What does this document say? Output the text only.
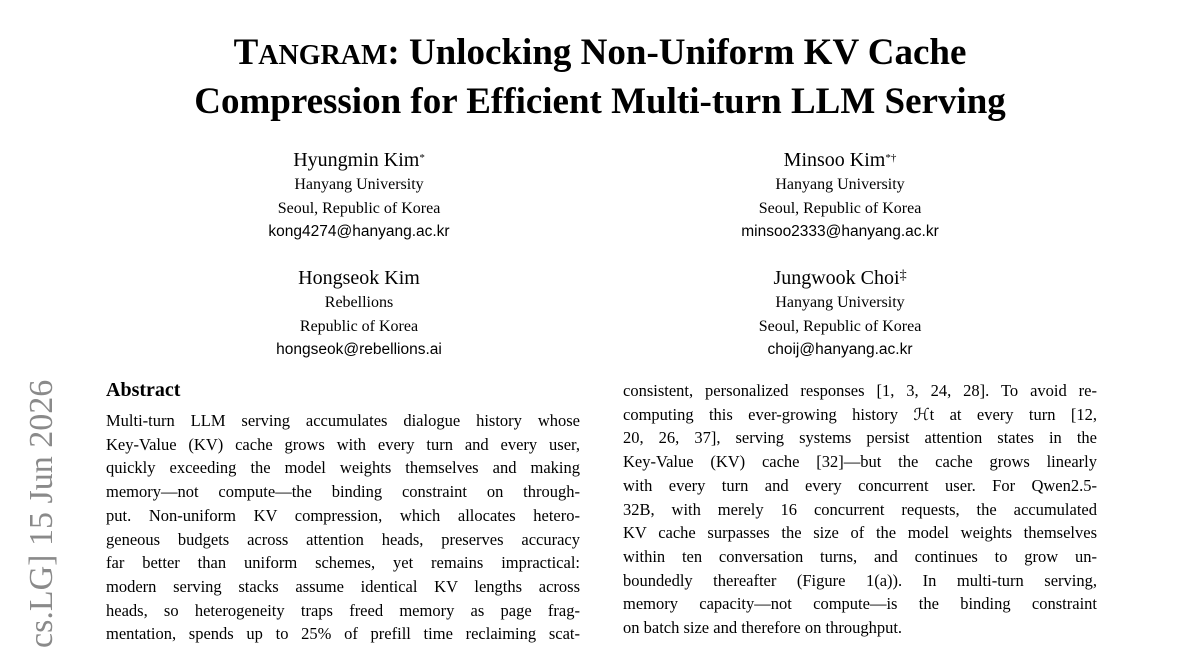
TANGRAM: Unlocking Non-Uniform KV Cache
Compression for Efficient Multi-turn LLM Serving
Hyungmin Kim*
Hanyang University
Seoul, Republic of Korea
kong4274@hanyang.ac.kr
Minsoo Kim*†
Hanyang University
Seoul, Republic of Korea
minsoo2333@hanyang.ac.kr
Hongseok Kim
Rebellions
Republic of Korea
hongseok@rebellions.ai
Jungwook Choi‡
Hanyang University
Seoul, Republic of Korea
choij@hanyang.ac.kr
cs.LG] 15 Jun 2026 Abstract
Multi-turn LLM serving accumulates dialogue history whose
Key-Value (KV) cache grows with every turn and every user,
quickly exceeding the model weights themselves and making
memory—not compute—the binding constraint on through-
put. Non-uniform KV compression, which allocates hetero-
geneous budgets across attention heads, preserves accuracy
far better than uniform schemes, yet remains impractical:
modern serving stacks assume identical KV lengths across
heads, so heterogeneity traps freed memory as page frag-
mentation, spends up to 25% of prefill time reclaiming scat-
consistent, personalized responses [1, 3, 24, 28]. To avoid re-
computing this ever-growing history ℋt at every turn [12,
20, 26, 37], serving systems persist attention states in the
Key-Value (KV) cache [32]—but the cache grows linearly
with every turn and every concurrent user. For Qwen2.5-
32B, with merely 16 concurrent requests, the accumulated
KV cache surpasses the size of the model weights themselves
within ten conversation turns, and continues to grow un-
boundedly thereafter (Figure 1(a)). In multi-turn serving,
memory capacity—not compute—is the binding constraint
on batch size and therefore on throughput.
